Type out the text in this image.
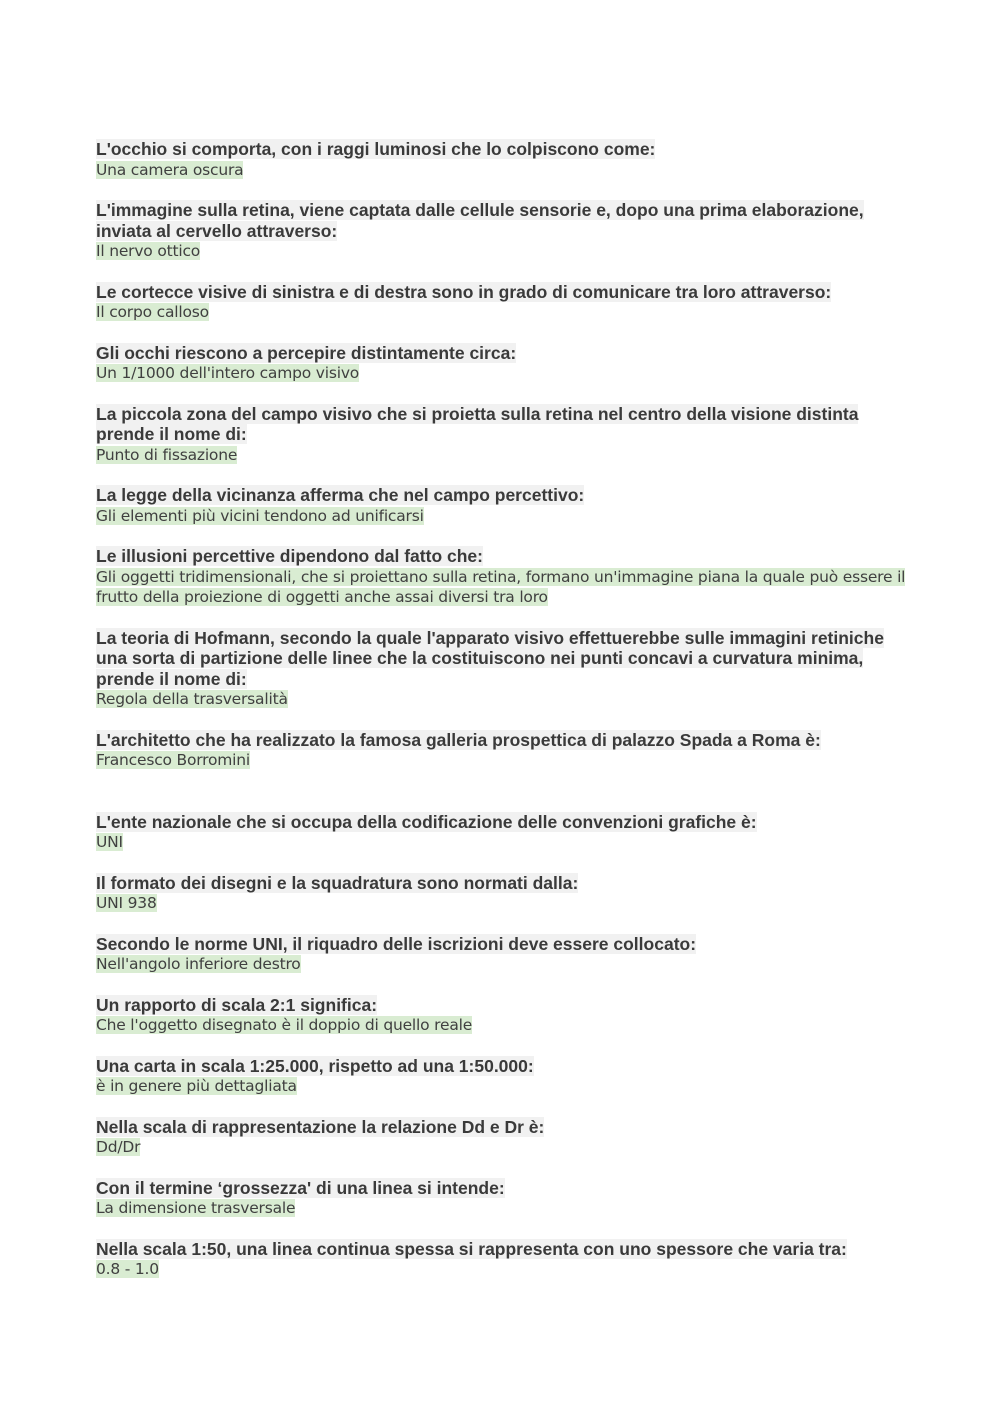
L'occhio si comporta, con i raggi luminosi che lo colpiscono come:

Una camera oscura

L'immagine sulla retina, viene captata dalle cellule sensorie e, dopo una prima elaborazione, inviata al cervello attraverso:

Il nervo ottico

Le cortecce visive di sinistra e di destra sono in grado di comunicare tra loro attraverso:

Il corpo calloso

Gli occhi riescono a percepire distintamente circa:

Un 1/1000 dell'intero campo visivo

La piccola zona del campo visivo che si proietta sulla retina nel centro della visione distinta prende il nome di:

Punto di fissazione

La legge della vicinanza afferma che nel campo percettivo:

Gli elementi più vicini tendono ad unificarsi

Le illusioni percettive dipendono dal fatto che:

Gli oggetti tridimensionali, che si proiettano sulla retina, formano un'immagine piana la quale può essere il frutto della proiezione di oggetti anche assai diversi tra loro

La teoria di Hofmann, secondo la quale l'apparato visivo effettuerebbe sulle immagini retiniche una sorta di partizione delle linee che la costituiscono nei punti concavi a curvatura minima, prende il nome di:

Regola della trasversalità

L'architetto che ha realizzato la famosa galleria prospettica di palazzo Spada a Roma è:

Francesco Borromini

L'ente nazionale che si occupa della codificazione delle convenzioni grafiche è:

UNI

Il formato dei disegni e la squadratura sono normati dalla:

UNI 938

Secondo le norme UNI, il riquadro delle iscrizioni deve essere collocato:

Nell'angolo inferiore destro

Un rapporto di scala 2:1 significa:

Che l'oggetto disegnato è il doppio di quello reale

Una carta in scala 1:25.000, rispetto ad una 1:50.000:

è in genere più dettagliata

Nella scala di rappresentazione la relazione Dd e Dr è:

Dd/Dr

Con il termine ‘grossezza' di una linea si intende:

La dimensione trasversale

Nella scala 1:50, una linea continua spessa si rappresenta con uno spessore che varia tra:

0.8 - 1.0
